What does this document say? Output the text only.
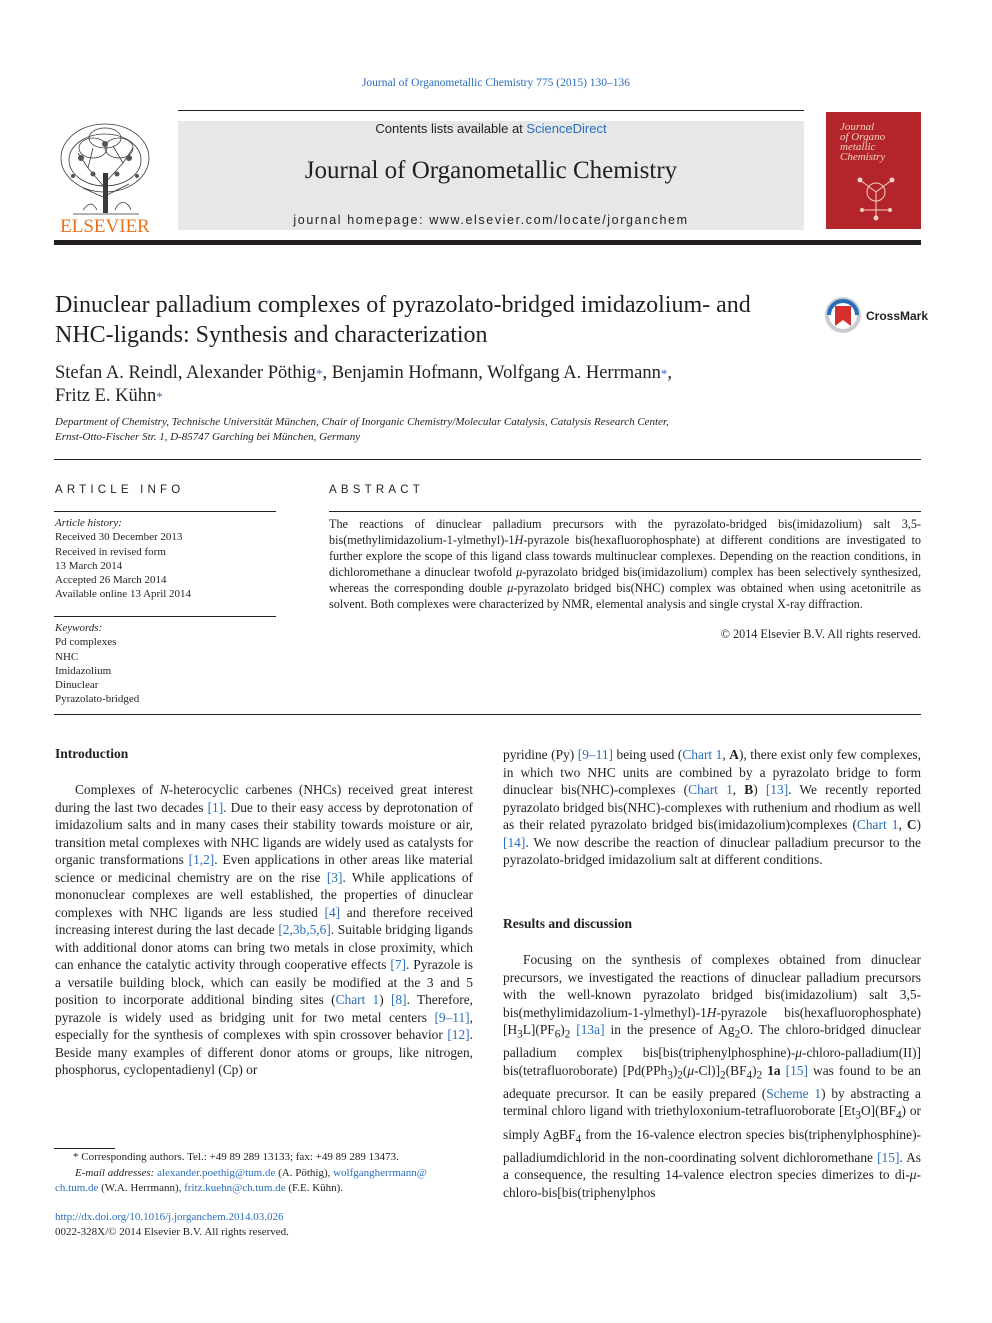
Journal of Organometallic Chemistry 775 (2015) 130–136
ELSEVIER
Contents lists available at ScienceDirect
Journal of Organometallic Chemistry
journal homepage: www.elsevier.com/locate/jorganchem
Journal
of Organo
metallic
Chemistry
Dinuclear palladium complexes of pyrazolato-bridged imidazolium- and NHC-ligands: Synthesis and characterization
CrossMark
Stefan A. Reindl, Alexander Pöthig*, Benjamin Hofmann, Wolfgang A. Herrmann*,
Fritz E. Kühn*
Department of Chemistry, Technische Universität München, Chair of Inorganic Chemistry/Molecular Catalysis, Catalysis Research Center,
Ernst-Otto-Fischer Str. 1, D-85747 Garching bei München, Germany
ARTICLE INFO	ABSTRACT
Article history:
Received 30 December 2013
Received in revised form
13 March 2014
Accepted 26 March 2014
Available online 13 April 2014
Keywords:
Pd complexes
NHC
Imidazolium
Dinuclear
Pyrazolato-bridged
The reactions of dinuclear palladium precursors with the pyrazolato-bridged bis(imidazolium) salt 3,5-bis(methylimidazolium-1-ylmethyl)-1H-pyrazole bis(hexafluorophosphate) at different conditions are investigated to further explore the scope of this ligand class towards multinuclear complexes. Depending on the reaction conditions, in dichloromethane a dinuclear twofold μ-pyrazolato bridged bis(imidazolium) complex has been selectively synthesized, whereas the corresponding double μ-pyrazolato bridged bis(NHC) complex was obtained when using acetonitrile as solvent. Both complexes were characterized by NMR, elemental analysis and single crystal X-ray diffraction.
© 2014 Elsevier B.V. All rights reserved.
Introduction
Complexes of N-heterocyclic carbenes (NHCs) received great interest during the last two decades [1]. Due to their easy access by deprotonation of imidazolium salts and in many cases their stability towards moisture or air, transition metal complexes with NHC ligands are widely used as catalysts for organic transformations [1,2]. Even applications in other areas like material science or medicinal chemistry are on the rise [3]. While applications of mononuclear complexes are well established, the properties of dinuclear complexes with NHC ligands are less studied [4] and therefore received increasing interest during the last decade [2,3b,5,6]. Suitable bridging ligands with additional donor atoms can bring two metals in close proximity, which can enhance the catalytic activity through cooperative effects [7]. Pyrazole is a versatile building block, which can easily be modified at the 3 and 5 position to incorporate additional binding sites (Chart 1) [8]. Therefore, pyrazole is widely used as bridging unit for two metal centers [9–11], especially for the synthesis of complexes with spin crossover behavior [12]. Beside many examples of different donor atoms or groups, like nitrogen, phosphorus, cyclopentadienyl (Cp) or
pyridine (Py) [9–11] being used (Chart 1, A), there exist only few complexes, in which two NHC units are combined by a pyrazolato bridge to form dinuclear bis(NHC)-complexes (Chart 1, B) [13]. We recently reported pyrazolato bridged bis(NHC)-complexes with ruthenium and rhodium as well as their related pyrazolato bridged bis(imidazolium)complexes (Chart 1, C) [14]. We now describe the reaction of dinuclear palladium precursor to the pyrazolato-bridged imidazolium salt at different conditions.
Results and discussion
Focusing on the synthesis of complexes obtained from dinuclear precursors, we investigated the reactions of dinuclear palladium precursors with the well-known pyrazolato bridged bis(imidazolium) salt 3,5-bis(methylimidazolium-1-ylmethyl)-1H-pyrazole bis(hexafluorophosphate) $[H_3L](PF_6)_2$ [13a] in the presence of $Ag_2O$. The chloro-bridged dinuclear palladium complex bis[bis(triphenylphosphine)-μ-chloro-palladium(II)] bis(tetrafluoroborate) $[Pd(PPh_3)_2(\mu-Cl)]_2(BF_4)_2$ 1a [15] was found to be an adequate precursor. It can be easily prepared (Scheme 1) by abstracting a terminal chloro ligand with triethyloxonium-tetrafluoroborate $[Et_3O](BF_4)$ or simply AgBF$_4$ from the 16-valence electron species bis(triphenylphosphine)-palladiumdichlorid in the non-coordinating solvent dichloromethane [15]. As a consequence, the resulting 14-valence electron species dimerizes to di-μ-chloro-bis[bis(triphenylphos
* Corresponding authors. Tel.: +49 89 289 13133; fax: +49 89 289 13473.
E-mail addresses: alexander.poethig@tum.de (A. Pöthig), wolfgangherrmann@
ch.tum.de (W.A. Herrmann), fritz.kuehn@ch.tum.de (F.E. Kühn).
http://dx.doi.org/10.1016/j.jorganchem.2014.03.026
0022-328X/© 2014 Elsevier B.V. All rights reserved.
